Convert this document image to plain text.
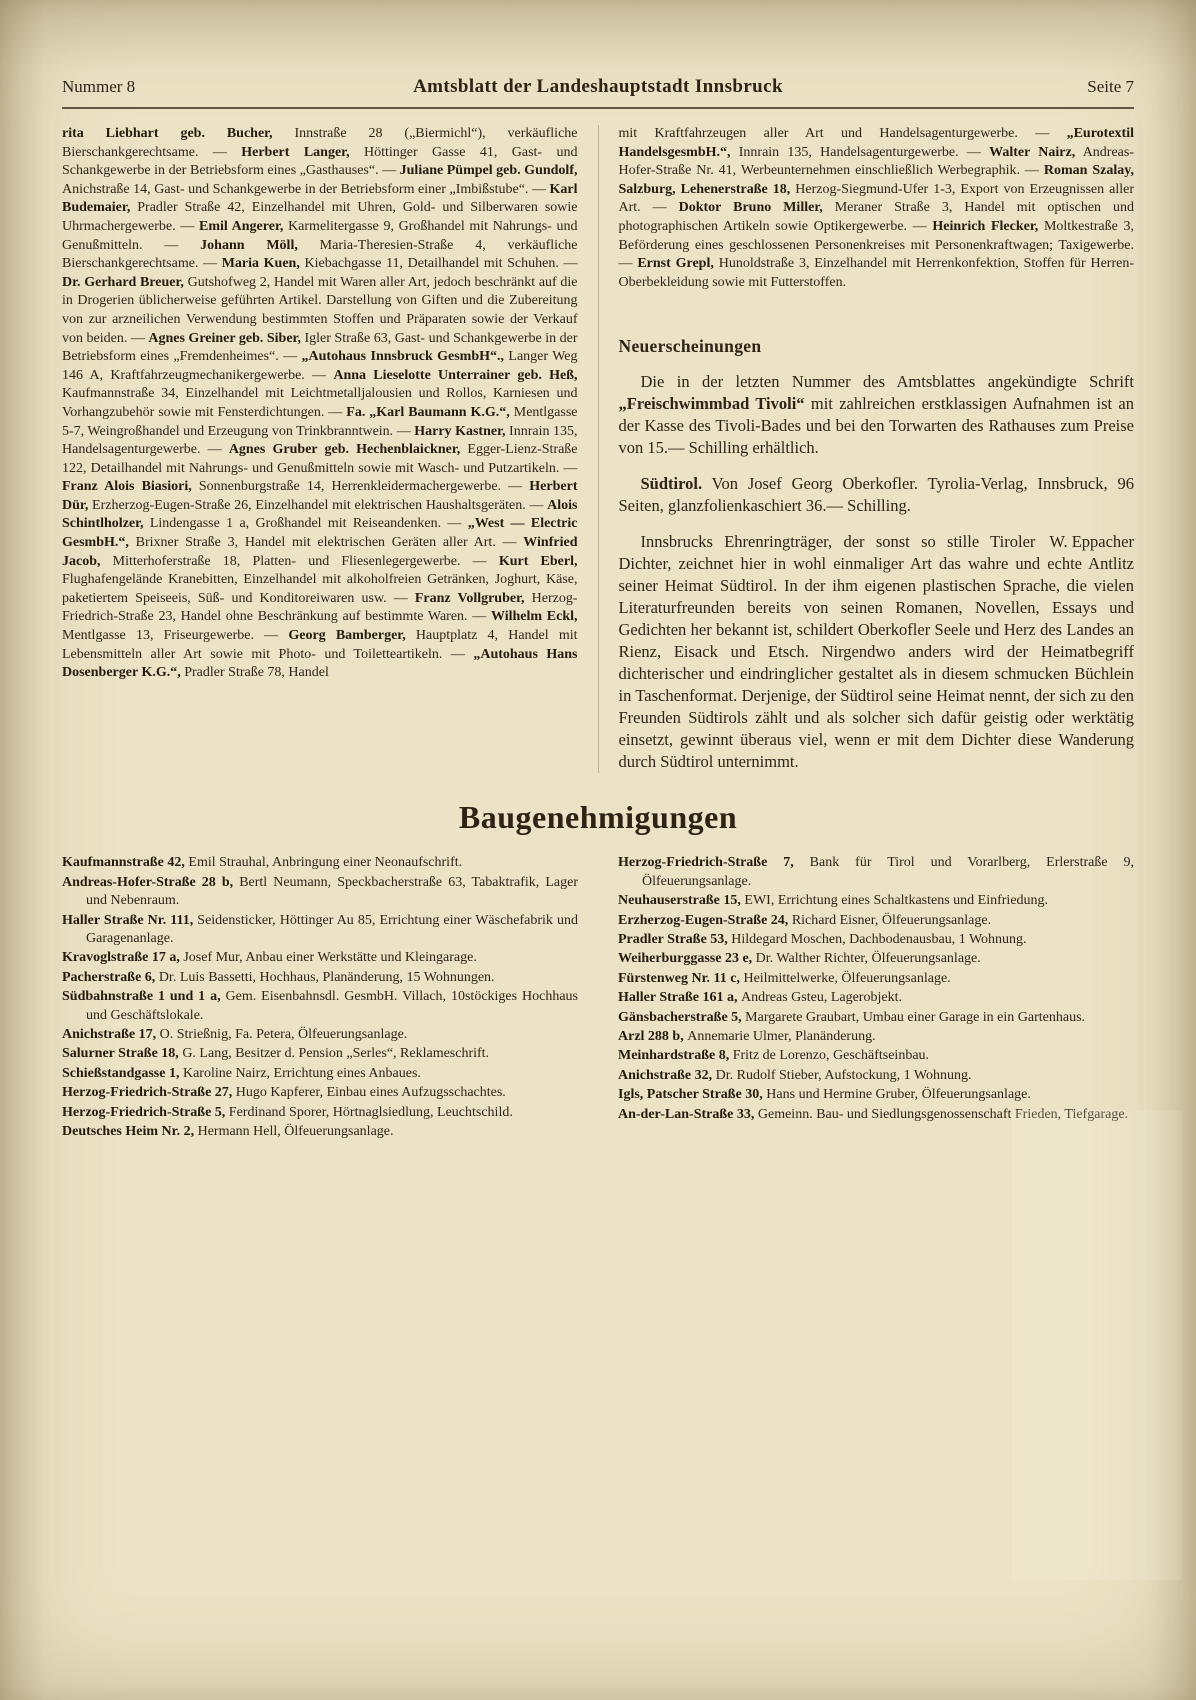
Nummer 8	Amtsblatt der Landeshauptstadt Innsbruck	Seite 7

rita Liebhart geb. Bucher, Innstraße 28 („Biermichl“), verkäufliche Bierschankgerechtsame. — Herbert Langer, Höttinger Gasse 41, Gast- und Schankgewerbe in der Betriebsform eines „Gasthauses“. — Juliane Pümpel geb. Gundolf, Anichstraße 14, Gast- und Schankgewerbe in der Betriebsform einer „Imbißstube“. — Karl Budemaier, Pradler Straße 42, Einzelhandel mit Uhren, Gold- und Silberwaren sowie Uhrmachergewerbe. — Emil Angerer, Karmelitergasse 9, Großhandel mit Nahrungs- und Genußmitteln. — Johann Möll, Maria-Theresien-Straße 4, verkäufliche Bierschankgerechtsame. — Maria Kuen, Kiebachgasse 11, Detailhandel mit Schuhen. — Dr. Gerhard Breuer, Gutshofweg 2, Handel mit Waren aller Art, jedoch beschränkt auf die in Drogerien üblicherweise geführten Artikel. Darstellung von Giften und die Zubereitung von zur arzneilichen Verwendung bestimmten Stoffen und Präparaten sowie der Verkauf von beiden. — Agnes Greiner geb. Siber, Igler Straße 63, Gast- und Schankgewerbe in der Betriebsform eines „Fremdenheimes“. — „Autohaus Innsbruck GesmbH“., Langer Weg 146 A, Kraftfahrzeugmechanikergewerbe. — Anna Lieselotte Unterrainer geb. Heß, Kaufmannstraße 34, Einzelhandel mit Leichtmetalljalousien und Rollos, Karniesen und Vorhangzubehör sowie mit Fensterdichtungen. — Fa. „Karl Baumann K.G.“, Mentlgasse 5-7, Weingroßhandel und Erzeugung von Trinkbranntwein. — Harry Kastner, Innrain 135, Handelsagenturgewerbe. — Agnes Gruber geb. Hechenblaickner, Egger-Lienz-Straße 122, Detailhandel mit Nahrungs- und Genußmitteln sowie mit Wasch- und Putzartikeln. — Franz Alois Biasiori, Sonnenburgstraße 14, Herrenkleidermachergewerbe. — Herbert Dür, Erzherzog-Eugen-Straße 26, Einzelhandel mit elektrischen Haushaltsgeräten. — Alois Schintlholzer, Lindengasse 1 a, Großhandel mit Reiseandenken. — „West — Electric GesmbH.“, Brixner Straße 3, Handel mit elektrischen Geräten aller Art. — Winfried Jacob, Mitterhoferstraße 18, Platten- und Fliesenlegergewerbe. — Kurt Eberl, Flughafengelände Kranebitten, Einzelhandel mit alkoholfreien Getränken, Joghurt, Käse, paketiertem Speiseeis, Süß- und Konditoreiwaren usw. — Franz Vollgruber, Herzog-Friedrich-Straße 23, Handel ohne Beschränkung auf bestimmte Waren. — Wilhelm Eckl, Mentlgasse 13, Friseurgewerbe. — Georg Bamberger, Hauptplatz 4, Handel mit Lebensmitteln aller Art sowie mit Photo- und Toiletteartikeln. — „Autohaus Hans Dosenberger K.G.“, Pradler Straße 78, Handel

mit Kraftfahrzeugen aller Art und Handelsagenturgewerbe. — „Eurotextil HandelsgesmbH.“, Innrain 135, Handelsagenturgewerbe. — Walter Nairz, Andreas-Hofer-Straße Nr. 41, Werbeunternehmen einschließlich Werbegraphik. — Roman Szalay, Salzburg, Lehenerstraße 18, Herzog-Siegmund-Ufer 1-3, Export von Erzeugnissen aller Art. — Doktor Bruno Miller, Meraner Straße 3, Handel mit optischen und photographischen Artikeln sowie Optikergewerbe. — Heinrich Flecker, Moltkestraße 3, Beförderung eines geschlossenen Personenkreises mit Personenkraftwagen; Taxigewerbe. — Ernst Grepl, Hunoldstraße 3, Einzelhandel mit Herrenkonfektion, Stoffen für Herren-Oberbekleidung sowie mit Futterstoffen.

Neuerscheinungen

Die in der letzten Nummer des Amtsblattes angekündigte Schrift „Freischwimmbad Tivoli“ mit zahlreichen erstklassigen Aufnahmen ist an der Kasse des Tivoli-Bades und bei den Torwarten des Rathauses zum Preise von 15.— Schilling erhältlich.

Südtirol. Von Josef Georg Oberkofler. Tyrolia-Verlag, Innsbruck, 96 Seiten, glanzfolienkaschiert 36.— Schilling.

W. Eppacher
Innsbrucks Ehrenringträger, der sonst so stille Tiroler Dichter, zeichnet hier in wohl einmaliger Art das wahre und echte Antlitz seiner Heimat Südtirol. In der ihm eigenen plastischen Sprache, die vielen Literaturfreunden bereits von seinen Romanen, Novellen, Essays und Gedichten her bekannt ist, schildert Oberkofler Seele und Herz des Landes an Rienz, Eisack und Etsch. Nirgendwo anders wird der Heimatbegriff dichterischer und eindringlicher gestaltet als in diesem schmucken Büchlein in Taschenformat. Derjenige, der Südtirol seine Heimat nennt, der sich zu den Freunden Südtirols zählt und als solcher sich dafür geistig oder werktätig einsetzt, gewinnt überaus viel, wenn er mit dem Dichter diese Wanderung durch Südtirol unternimmt.

Baugenehmigungen

Kaufmannstraße 42, Emil Strauhal, Anbringung einer Neonaufschrift.

Andreas-Hofer-Straße 28 b, Bertl Neumann, Speckbacherstraße 63, Tabaktrafik, Lager und Nebenraum.

Haller Straße Nr. 111, Seidensticker, Höttinger Au 85, Errichtung einer Wäschefabrik und Garagenanlage.

Kravoglstraße 17 a, Josef Mur, Anbau einer Werkstätte und Kleingarage.

Pacherstraße 6, Dr. Luis Bassetti, Hochhaus, Planänderung, 15 Wohnungen.

Südbahnstraße 1 und 1 a, Gem. Eisenbahnsdl. GesmbH. Villach, 10stöckiges Hochhaus und Geschäftslokale.

Anichstraße 17, O. Strießnig, Fa. Petera, Ölfeuerungsanlage.

Salurner Straße 18, G. Lang, Besitzer d. Pension „Serles“, Reklameschrift.

Schießstandgasse 1, Karoline Nairz, Errichtung eines Anbaues.

Herzog-Friedrich-Straße 27, Hugo Kapferer, Einbau eines Aufzugsschachtes.

Herzog-Friedrich-Straße 5, Ferdinand Sporer, Hörtnaglsiedlung, Leuchtschild.

Deutsches Heim Nr. 2, Hermann Hell, Ölfeuerungsanlage.

Herzog-Friedrich-Straße 7, Bank für Tirol und Vorarlberg, Erlerstraße 9, Ölfeuerungsanlage.

Neuhauserstraße 15, EWI, Errichtung eines Schaltkastens und Einfriedung.

Erzherzog-Eugen-Straße 24, Richard Eisner, Ölfeuerungsanlage.

Pradler Straße 53, Hildegard Moschen, Dachbodenausbau, 1 Wohnung.

Weiherburggasse 23 e, Dr. Walther Richter, Ölfeuerungsanlage.

Fürstenweg Nr. 11 c, Heilmittelwerke, Ölfeuerungsanlage.

Haller Straße 161 a, Andreas Gsteu, Lagerobjekt.

Gänsbacherstraße 5, Margarete Graubart, Umbau einer Garage in ein Gartenhaus.

Arzl 288 b, Annemarie Ulmer, Planänderung.

Meinhardstraße 8, Fritz de Lorenzo, Geschäftseinbau.

Anichstraße 32, Dr. Rudolf Stieber, Aufstockung, 1 Wohnung.

Igls, Patscher Straße 30, Hans und Hermine Gruber, Ölfeuerungsanlage.

An-der-Lan-Straße 33, Gemeinn. Bau- und Siedlungsgenossenschaft Frieden, Tiefgarage.
